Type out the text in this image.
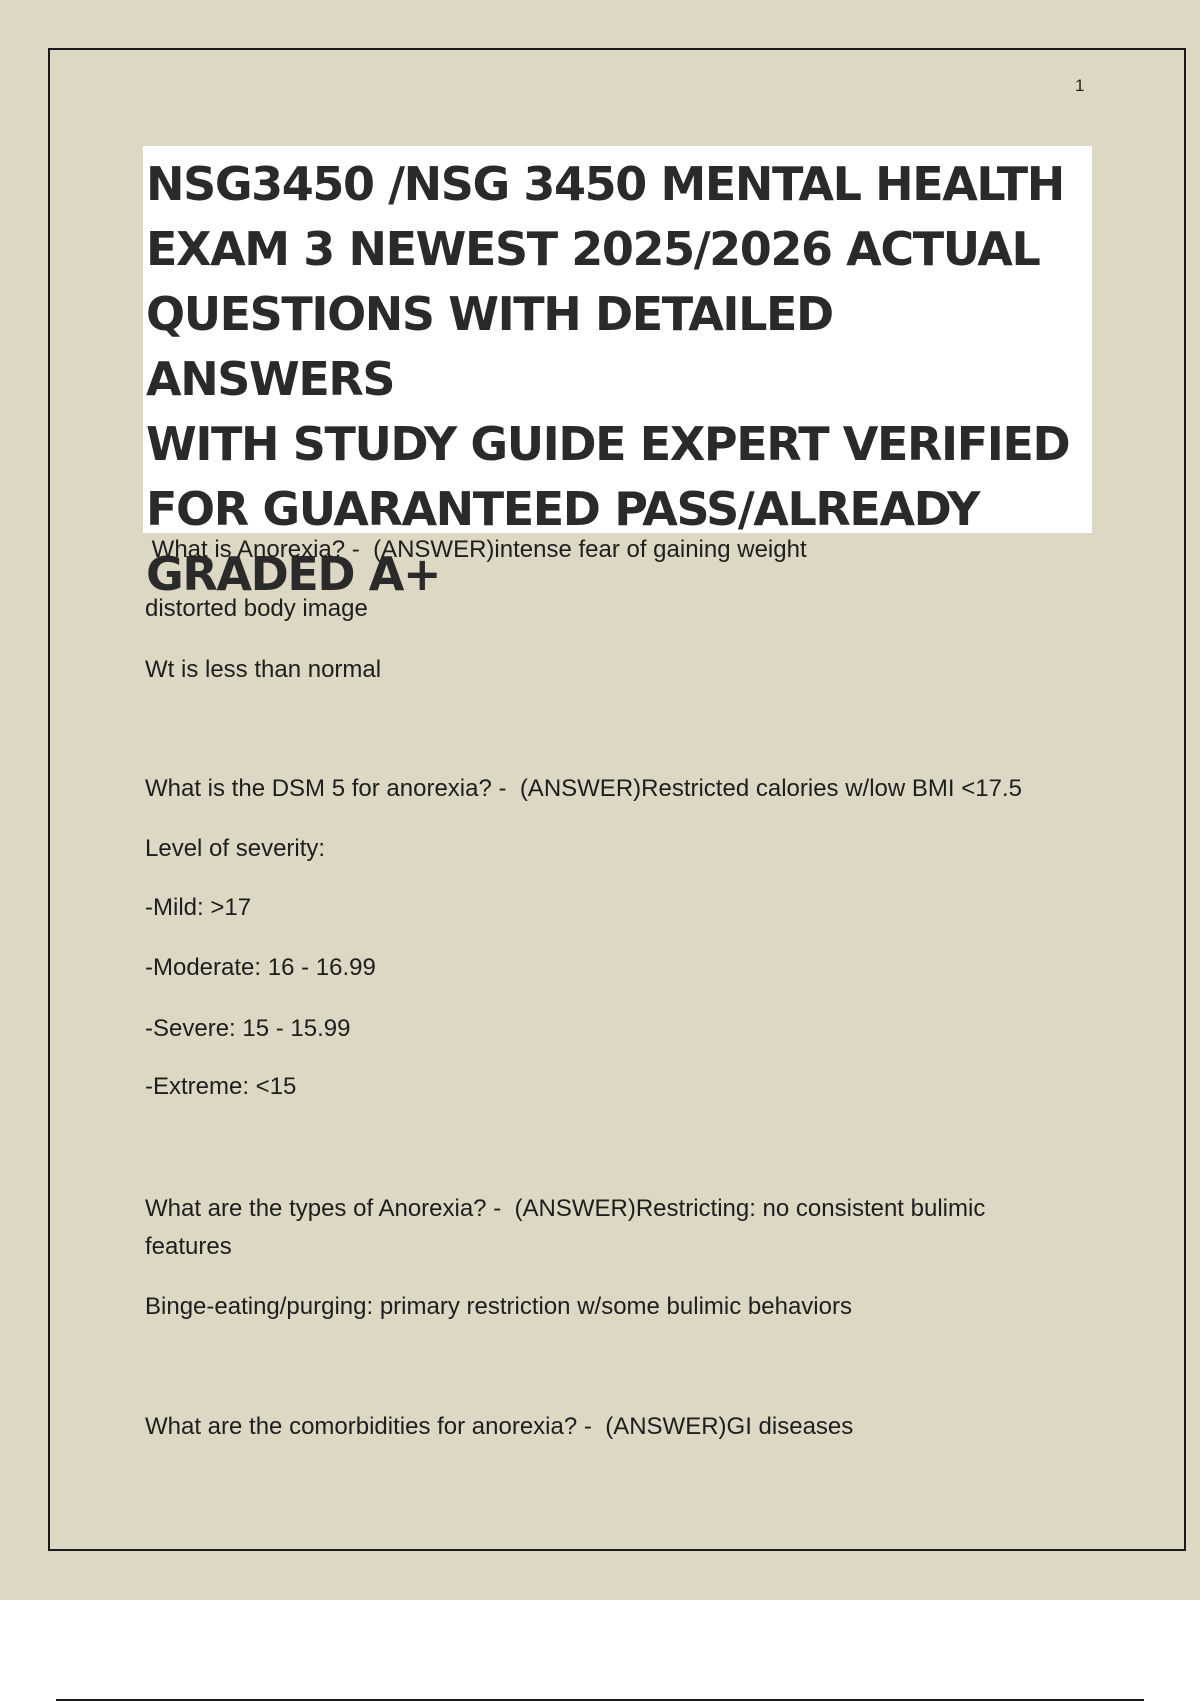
1

NSG3450 /NSG 3450 MENTAL HEALTH
EXAM 3 NEWEST 2025/2026 ACTUAL
QUESTIONS WITH DETAILED ANSWERS
WITH STUDY GUIDE EXPERT VERIFIED
FOR GUARANTEED PASS/ALREADY
GRADED A+

What is Anorexia? -  (ANSWER)intense fear of gaining weight
distorted body image
Wt is less than normal
What is the DSM 5 for anorexia? -  (ANSWER)Restricted calories w/low BMI <17.5
Level of severity:
-Mild: >17
-Moderate: 16 - 16.99
-Severe: 15 - 15.99
-Extreme: <15
What are the types of Anorexia? -  (ANSWER)Restricting: no consistent bulimic features
Binge-eating/purging: primary restriction w/some bulimic behaviors
What are the comorbidities for anorexia? -  (ANSWER)GI diseases
